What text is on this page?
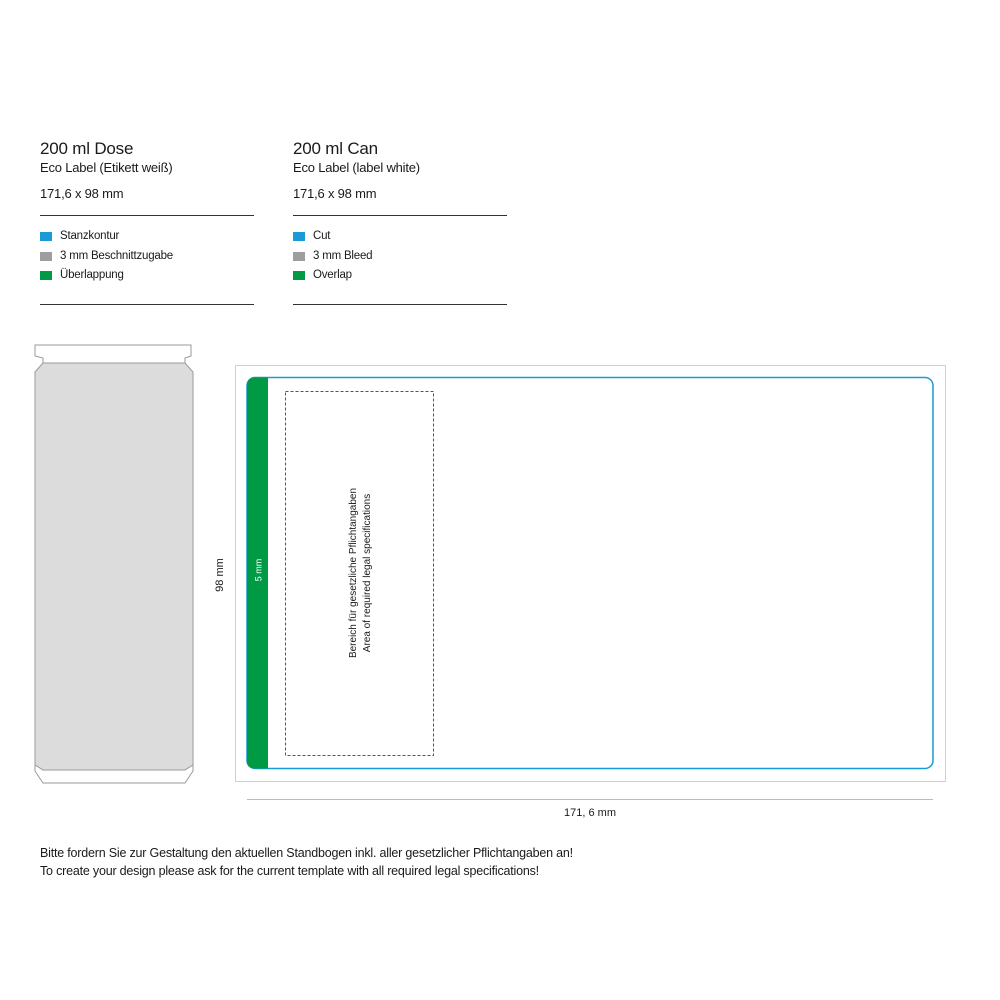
200 ml Dose
Eco Label (Etikett weiß)
171,6 x 98 mm
Stanzkontur
3 mm Beschnittzugabe
Überlappung
200 ml Can
Eco Label (label white)
171,6 x 98 mm
Cut
3 mm Bleed
Overlap
5 mm	Bereich für gesetzliche Pflichtangaben Area of required legal specifications
98 mm
171, 6 mm
Bitte fordern Sie zur Gestaltung den aktuellen Standbogen inkl. aller gesetzlicher Pflichtangaben an!
To create your design please ask for the current template with all required legal specifications!
